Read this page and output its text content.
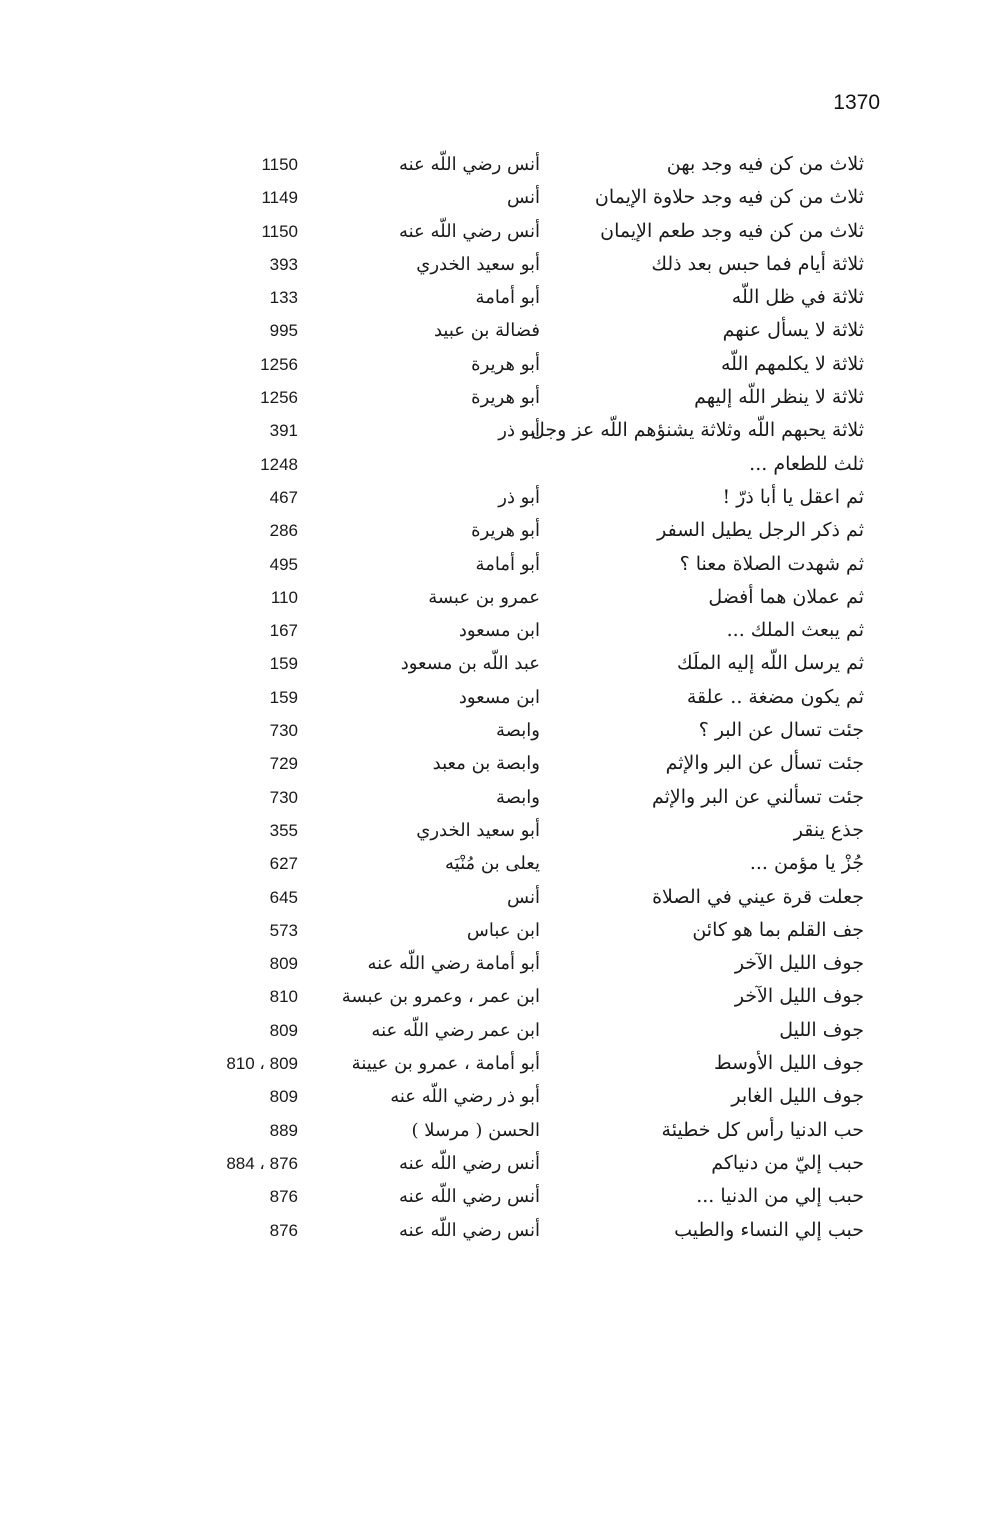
1370
ثلاث من كن فيه وجد بهن
أنس رضي اللّه عنه
1150
ثلاث من كن فيه وجد حلاوة الإيمان
أنس
1149
ثلاث من كن فيه وجد طعم الإيمان
أنس رضي اللّه عنه
1150
ثلاثة أيام فما حبس بعد ذلك
أبو سعيد الخدري
393
ثلاثة في ظل اللّه
أبو أمامة
133
ثلاثة لا يسأل عنهم
فضالة بن عبيد
995
ثلاثة لا يكلمهم اللّه
أبو هريرة
1256
ثلاثة لا ينظر اللّه إليهم
أبو هريرة
1256
ثلاثة يحبهم اللّه وثلاثة يشنؤهم اللّه عز وجل
أبو ذر
391
ثلث للطعام ...
1248
ثم اعقل يا أبا ذرّ !
أبو ذر
467
ثم ذكر الرجل يطيل السفر
أبو هريرة
286
ثم شهدت الصلاة معنا ؟
أبو أمامة
495
ثم عملان هما أفضل
عمرو بن عبسة
110
ثم يبعث الملك ...
ابن مسعود
167
ثم يرسل اللّه إليه الملَك
عبد اللّه بن مسعود
159
ثم يكون مضغة .. علقة
ابن مسعود
159
جئت تسال عن البر ؟
وابصة
730
جئت تسأل عن البر والإثم
وابصة بن معبد
729
جئت تسألني عن البر والإثم
وابصة
730
جذع ينقر
أبو سعيد الخدري
355
جُزْ يا مؤمن ...
يعلى بن مُنْيَه
627
جعلت قرة عيني في الصلاة
أنس
645
جف القلم بما هو كائن
ابن عباس
573
جوف الليل الآخر
أبو أمامة رضي اللّه عنه
809
جوف الليل الآخر
ابن عمر ، وعمرو بن عبسة
810
جوف الليل
ابن عمر رضي اللّه عنه
809
جوف الليل الأوسط
أبو أمامة ، عمرو بن عيينة
810 ، 809
جوف الليل الغابر
أبو ذر رضي اللّه عنه
809
حب الدنيا رأس كل خطيئة
الحسن ( مرسلا )
889
حبب إليّ من دنياكم
أنس رضي اللّه عنه
884 ، 876
حبب إلي من الدنيا ...
أنس رضي اللّه عنه
876
حبب إلي النساء والطيب
أنس رضي اللّه عنه
876
